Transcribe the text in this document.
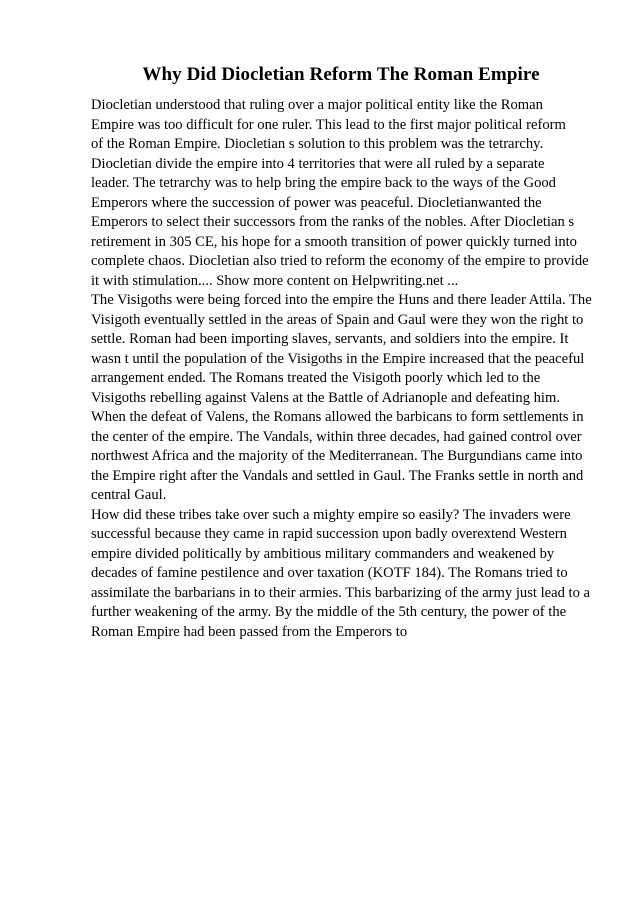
Why Did Diocletian Reform The Roman Empire

Diocletian understood that ruling over a major political entity like the Roman
Empire was too difficult for one ruler. This lead to the first major political reform
of the Roman Empire. Diocletian s solution to this problem was the tetrarchy.
Diocletian divide the empire into 4 territories that were all ruled by a separate
leader. The tetrarchy was to help bring the empire back to the ways of the Good
Emperors where the succession of power was peaceful. Diocletianwanted the
Emperors to select their successors from the ranks of the nobles. After Diocletian s
retirement in 305 CE, his hope for a smooth transition of power quickly turned into
complete chaos. Diocletian also tried to reform the economy of the empire to provide
it with stimulation.... Show more content on Helpwriting.net ...

The Visigoths were being forced into the empire the Huns and there leader Attila. The
Visigoth eventually settled in the areas of Spain and Gaul were they won the right to
settle. Roman had been importing slaves, servants, and soldiers into the empire. It
wasn t until the population of the Visigoths in the Empire increased that the peaceful
arrangement ended. The Romans treated the Visigoth poorly which led to the
Visigoths rebelling against Valens at the Battle of Adrianople and defeating him.
When the defeat of Valens, the Romans allowed the barbicans to form settlements in
the center of the empire. The Vandals, within three decades, had gained control over
northwest Africa and the majority of the Mediterranean. The Burgundians came into
the Empire right after the Vandals and settled in Gaul. The Franks settle in north and
central Gaul.

How did these tribes take over such a mighty empire so easily? The invaders were
successful because they came in rapid succession upon badly overextend Western
empire divided politically by ambitious military commanders and weakened by
decades of famine pestilence and over taxation (KOTF 184). The Romans tried to
assimilate the barbarians in to their armies. This barbarizing of the army just lead to a
further weakening of the army. By the middle of the 5th century, the power of the
Roman Empire had been passed from the Emperors to
